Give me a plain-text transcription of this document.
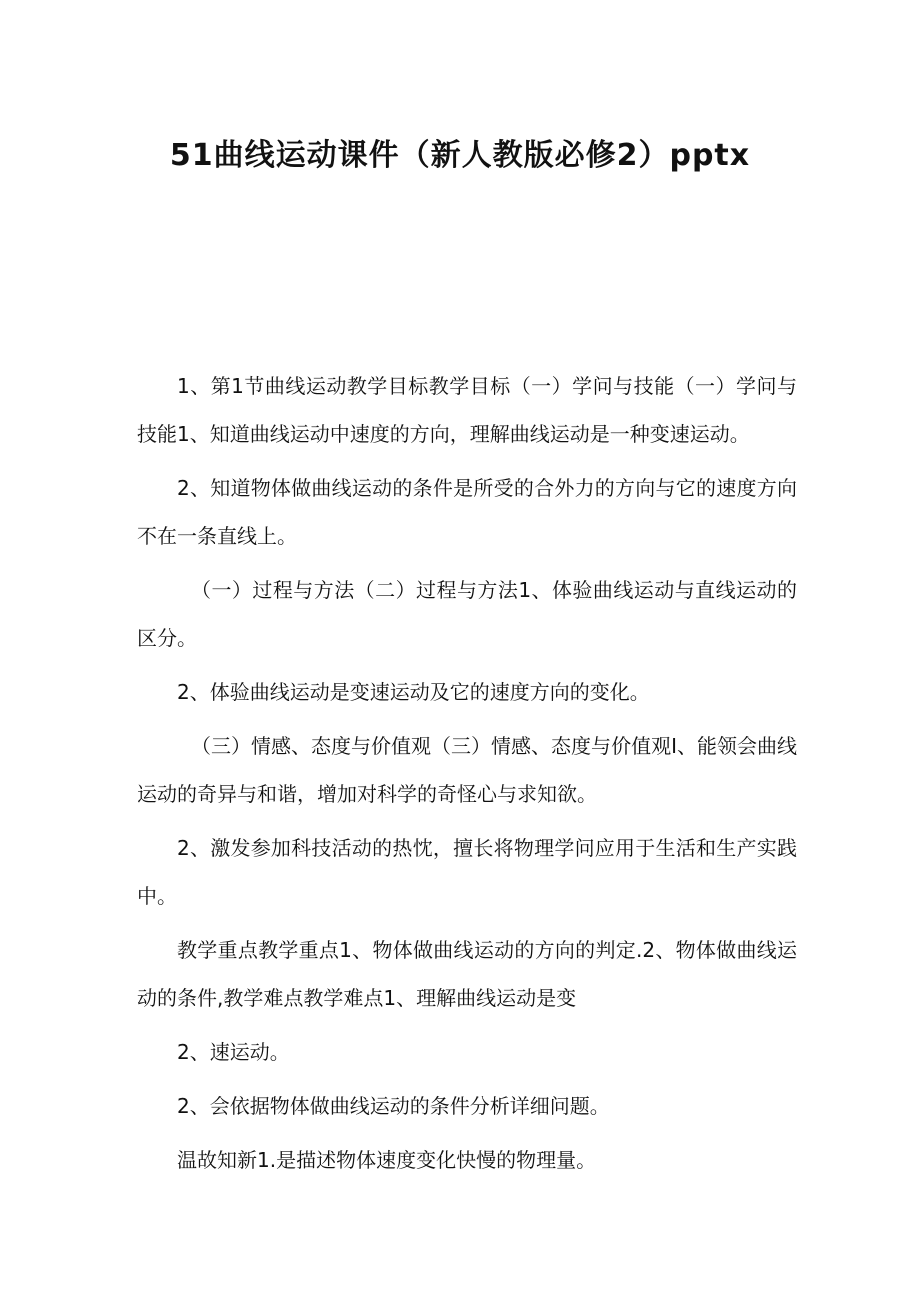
51曲线运动课件（新人教版必修2）pptx

1、第1节曲线运动教学目标教学目标（一）学问与技能（一）学问与技能1、知道曲线运动中速度的方向，理解曲线运动是一种变速运动。

2、知道物体做曲线运动的条件是所受的合外力的方向与它的速度方向不在一条直线上。

（一）过程与方法（二）过程与方法1、体验曲线运动与直线运动的区分。

2、体验曲线运动是变速运动及它的速度方向的变化。

（三）情感、态度与价值观（三）情感、态度与价值观I、能领会曲线运动的奇异与和谐，增加对科学的奇怪心与求知欲。

2、激发参加科技活动的热忱，擅长将物理学问应用于生活和生产实践中。

教学重点教学重点1、物体做曲线运动的方向的判定.2、物体做曲线运动的条件,教学难点教学难点1、理解曲线运动是变

2、速运动。

2、会依据物体做曲线运动的条件分析详细问题。

温故知新1.是描述物体速度变化快慢的物理量。
